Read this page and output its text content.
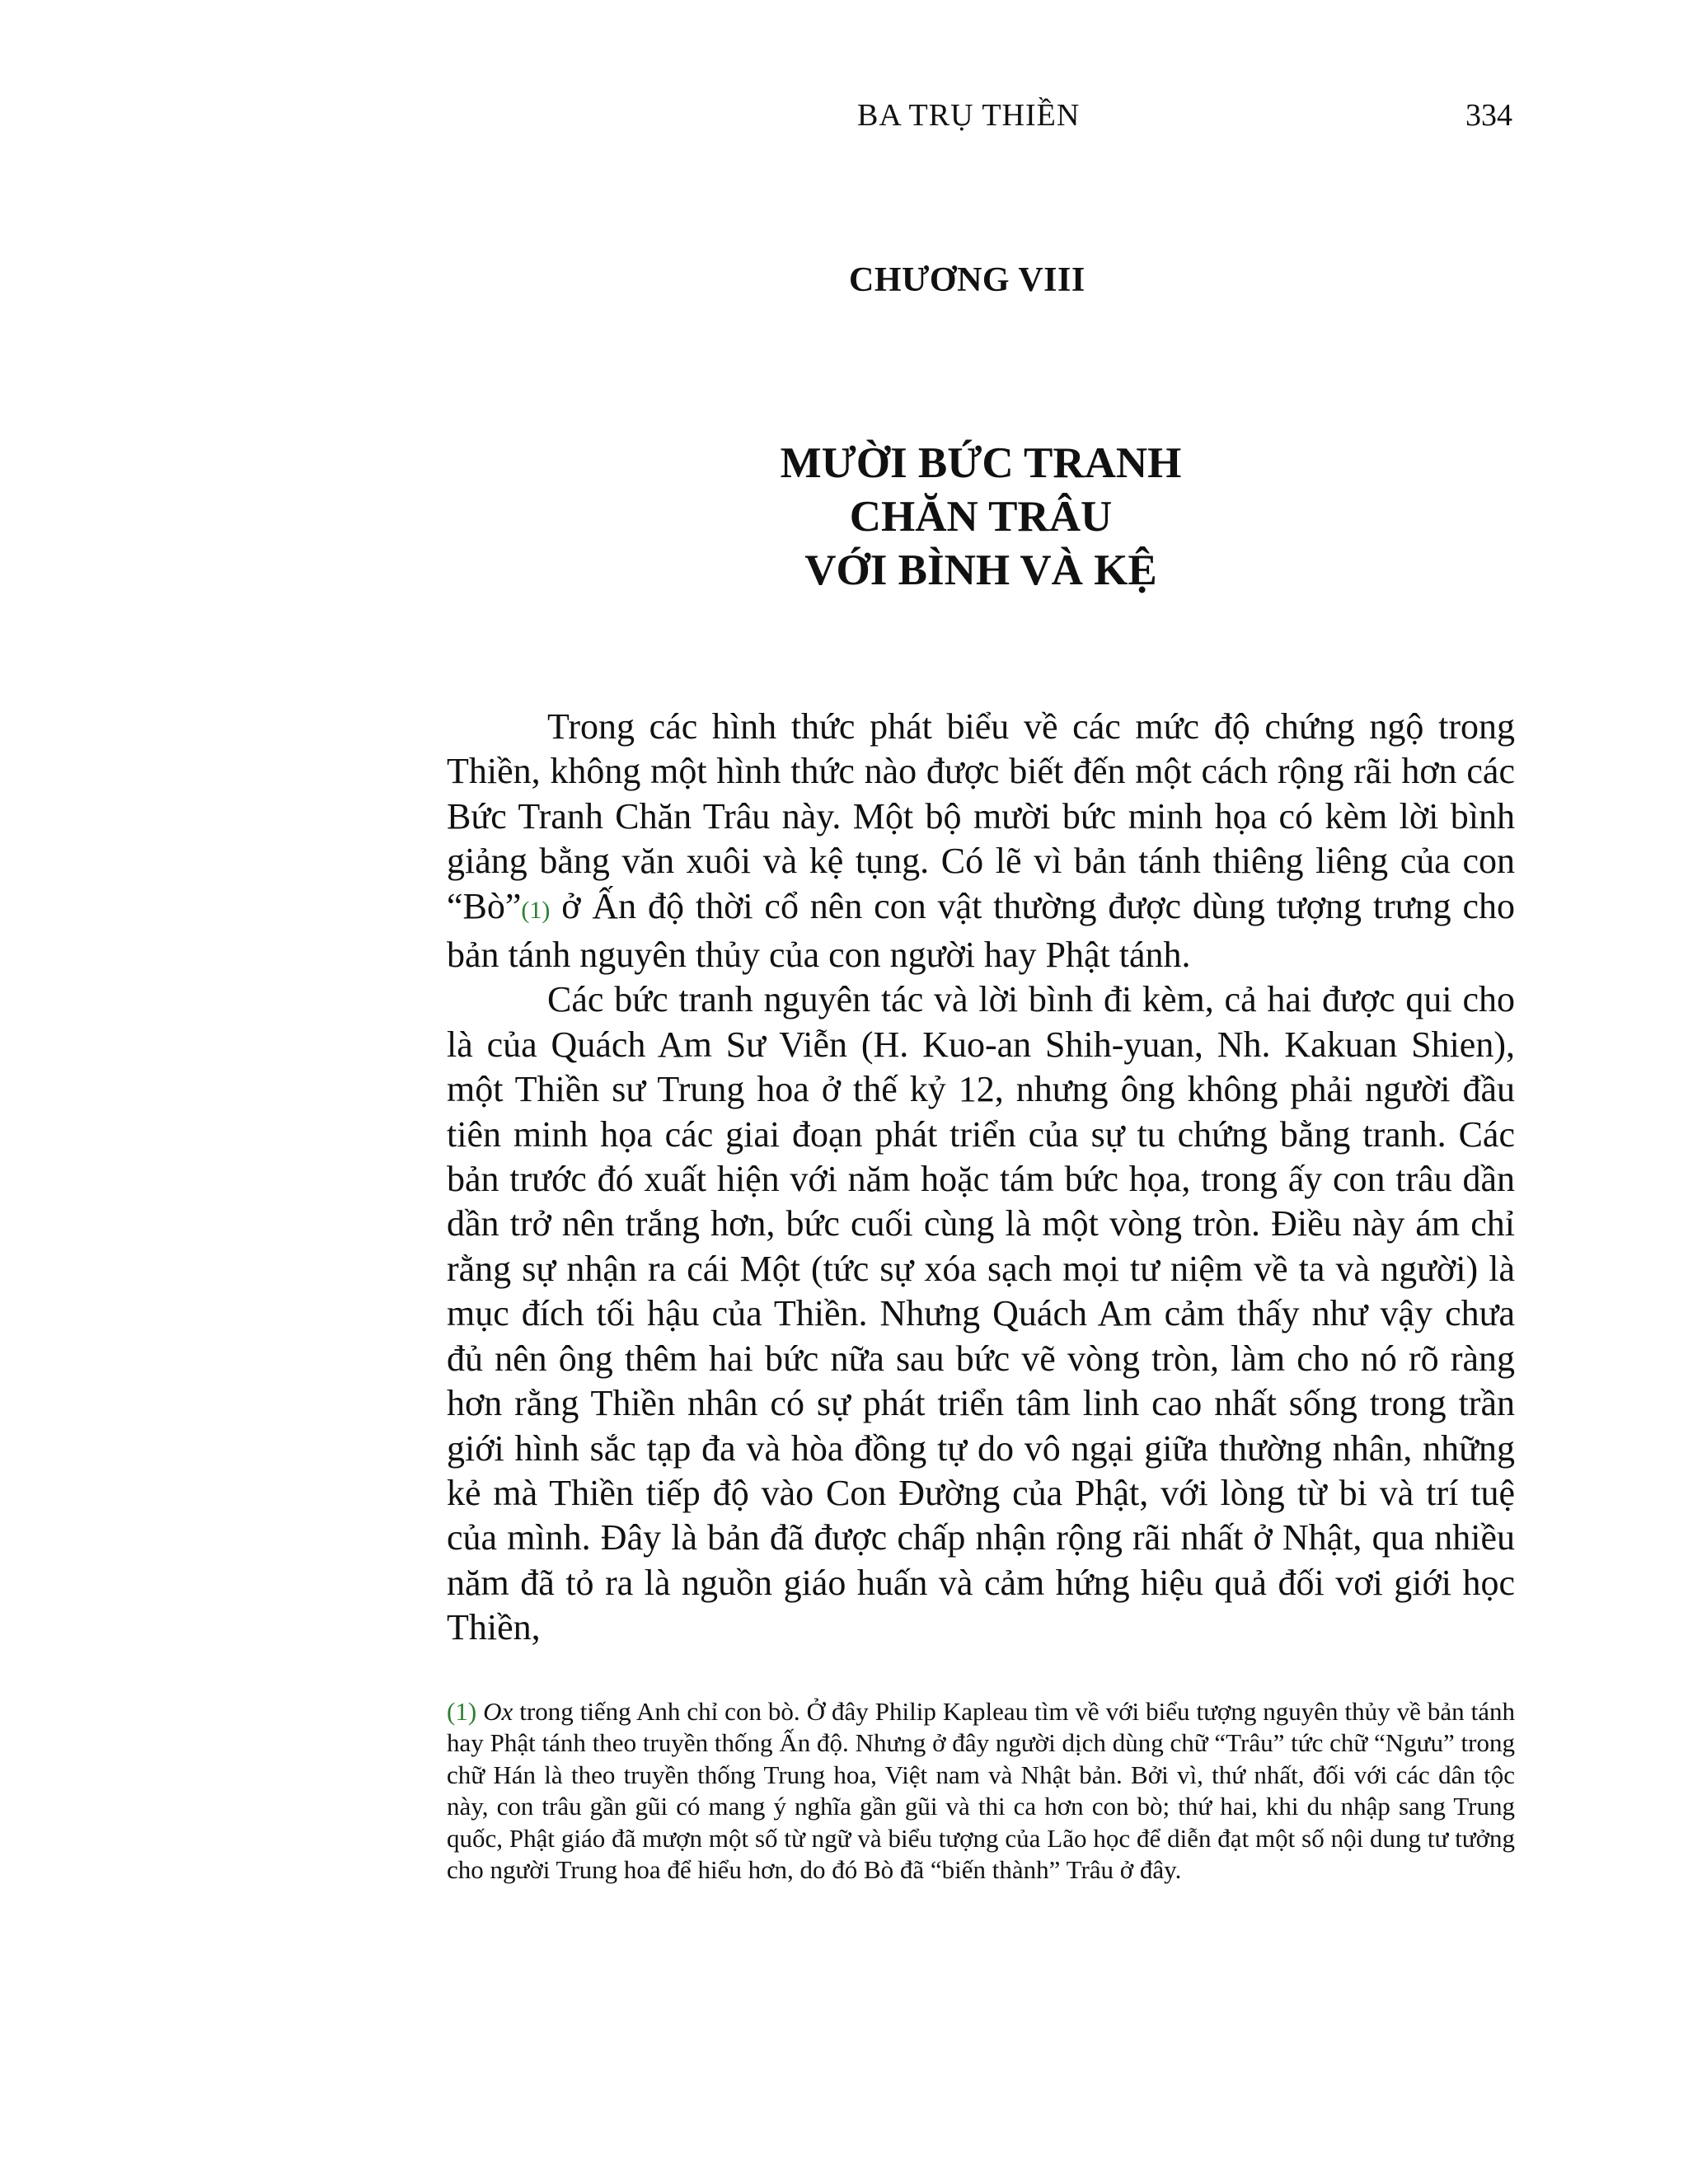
BA TRỤ THIỀN	334
CHƯƠNG VIII
MƯỜI BỨC TRANH
CHĂN TRÂU
VỚI BÌNH VÀ KỆ

Trong các hình thức phát biểu về các mức độ chứng ngộ trong Thiền, không một hình thức nào được biết đến một cách rộng rãi hơn các Bức Tranh Chăn Trâu này. Một bộ mười bức minh họa có kèm lời bình giảng bằng văn xuôi và kệ tụng. Có lẽ vì bản tánh thiêng liêng của con “Bò”(1) ở Ấn độ thời cổ nên con vật thường được dùng tượng trưng cho bản tánh nguyên thủy của con người hay Phật tánh.

Các bức tranh nguyên tác và lời bình đi kèm, cả hai được qui cho là của Quách Am Sư Viễn (H. Kuo-an Shih-yuan, Nh. Kakuan Shien), một Thiền sư Trung hoa ở thế kỷ 12, nhưng ông không phải người đầu tiên minh họa các giai đoạn phát triển của sự tu chứng bằng tranh. Các bản trước đó xuất hiện với năm hoặc tám bức họa, trong ấy con trâu dần dần trở nên trắng hơn, bức cuối cùng là một vòng tròn. Điều này ám chỉ rằng sự nhận ra cái Một (tức sự xóa sạch mọi tư niệm về ta và người) là mục đích tối hậu của Thiền. Nhưng Quách Am cảm thấy như vậy chưa đủ nên ông thêm hai bức nữa sau bức vẽ vòng tròn, làm cho nó rõ ràng hơn rằng Thiền nhân có sự phát triển tâm linh cao nhất sống trong trần giới hình sắc tạp đa và hòa đồng tự do vô ngại giữa thường nhân, những kẻ mà Thiền tiếp độ vào Con Đường của Phật, với lòng từ bi và trí tuệ của mình. Đây là bản đã được chấp nhận rộng rãi nhất ở Nhật, qua nhiều năm đã tỏ ra là nguồn giáo huấn và cảm hứng hiệu quả đối vơi giới học Thiền,

(1) Ox trong tiếng Anh chỉ con bò. Ở đây Philip Kapleau tìm về với biểu tượng nguyên thủy về bản tánh hay Phật tánh theo truyền thống Ấn độ. Nhưng ở đây người dịch dùng chữ “Trâu” tức chữ “Ngưu” trong chữ Hán là theo truyền thống Trung hoa, Việt nam và Nhật bản. Bởi vì, thứ nhất, đối với các dân tộc này, con trâu gần gũi có mang ý nghĩa gần gũi và thi ca hơn con bò; thứ hai, khi du nhập sang Trung quốc, Phật giáo đã mượn một số từ ngữ và biểu tượng của Lão học để diễn đạt một số nội dung tư tưởng cho người Trung hoa để hiểu hơn, do đó Bò đã “biến thành” Trâu ở đây.
